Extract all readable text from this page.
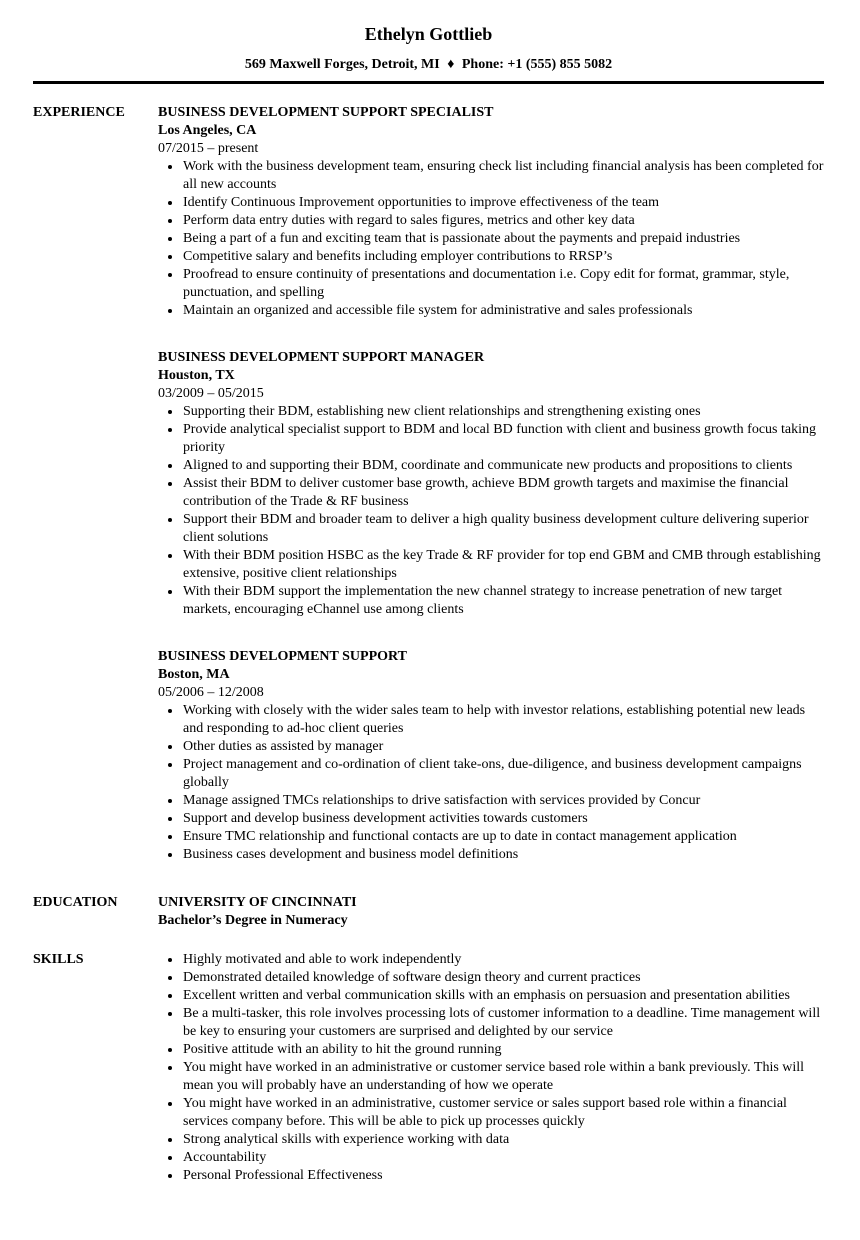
Ethelyn Gottlieb
569 Maxwell Forges, Detroit, MI ♦ Phone: +1 (555) 855 5082
EXPERIENCE	BUSINESS DEVELOPMENT SUPPORT SPECIALIST
Los Angeles, CA
07/2015 – present
• Work with the business development team, ensuring check list including financial analysis has been completed for all new accounts
• Identify Continuous Improvement opportunities to improve effectiveness of the team
• Perform data entry duties with regard to sales figures, metrics and other key data
• Being a part of a fun and exciting team that is passionate about the payments and prepaid industries
• Competitive salary and benefits including employer contributions to RRSP’s
• Proofread to ensure continuity of presentations and documentation i.e. Copy edit for format, grammar, style, punctuation, and spelling
• Maintain an organized and accessible file system for administrative and sales professionals
BUSINESS DEVELOPMENT SUPPORT MANAGER
Houston, TX
03/2009 – 05/2015
• Supporting their BDM, establishing new client relationships and strengthening existing ones
• Provide analytical specialist support to BDM and local BD function with client and business growth focus taking priority
• Aligned to and supporting their BDM, coordinate and communicate new products and propositions to clients
• Assist their BDM to deliver customer base growth, achieve BDM growth targets and maximise the financial contribution of the Trade & RF business
• Support their BDM and broader team to deliver a high quality business development culture delivering superior client solutions
• With their BDM position HSBC as the key Trade & RF provider for top end GBM and CMB through establishing extensive, positive client relationships
• With their BDM support the implementation the new channel strategy to increase penetration of new target markets, encouraging eChannel use among clients
BUSINESS DEVELOPMENT SUPPORT
Boston, MA
05/2006 – 12/2008
• Working with closely with the wider sales team to help with investor relations, establishing potential new leads and responding to ad-hoc client queries
• Other duties as assisted by manager
• Project management and co-ordination of client take-ons, due-diligence, and business development campaigns globally
• Manage assigned TMCs relationships to drive satisfaction with services provided by Concur
• Support and develop business development activities towards customers
• Ensure TMC relationship and functional contacts are up to date in contact management application
• Business cases development and business model definitions
EDUCATION	UNIVERSITY OF CINCINNATI
Bachelor’s Degree in Numeracy
SKILLS	• Highly motivated and able to work independently
• Demonstrated detailed knowledge of software design theory and current practices
• Excellent written and verbal communication skills with an emphasis on persuasion and presentation abilities
• Be a multi-tasker, this role involves processing lots of customer information to a deadline. Time management will be key to ensuring your customers are surprised and delighted by our service
• Positive attitude with an ability to hit the ground running
• You might have worked in an administrative or customer service based role within a bank previously. This will mean you will probably have an understanding of how we operate
• You might have worked in an administrative, customer service or sales support based role within a financial services company before. This will be able to pick up processes quickly
• Strong analytical skills with experience working with data
• Accountability
• Personal Professional Effectiveness
